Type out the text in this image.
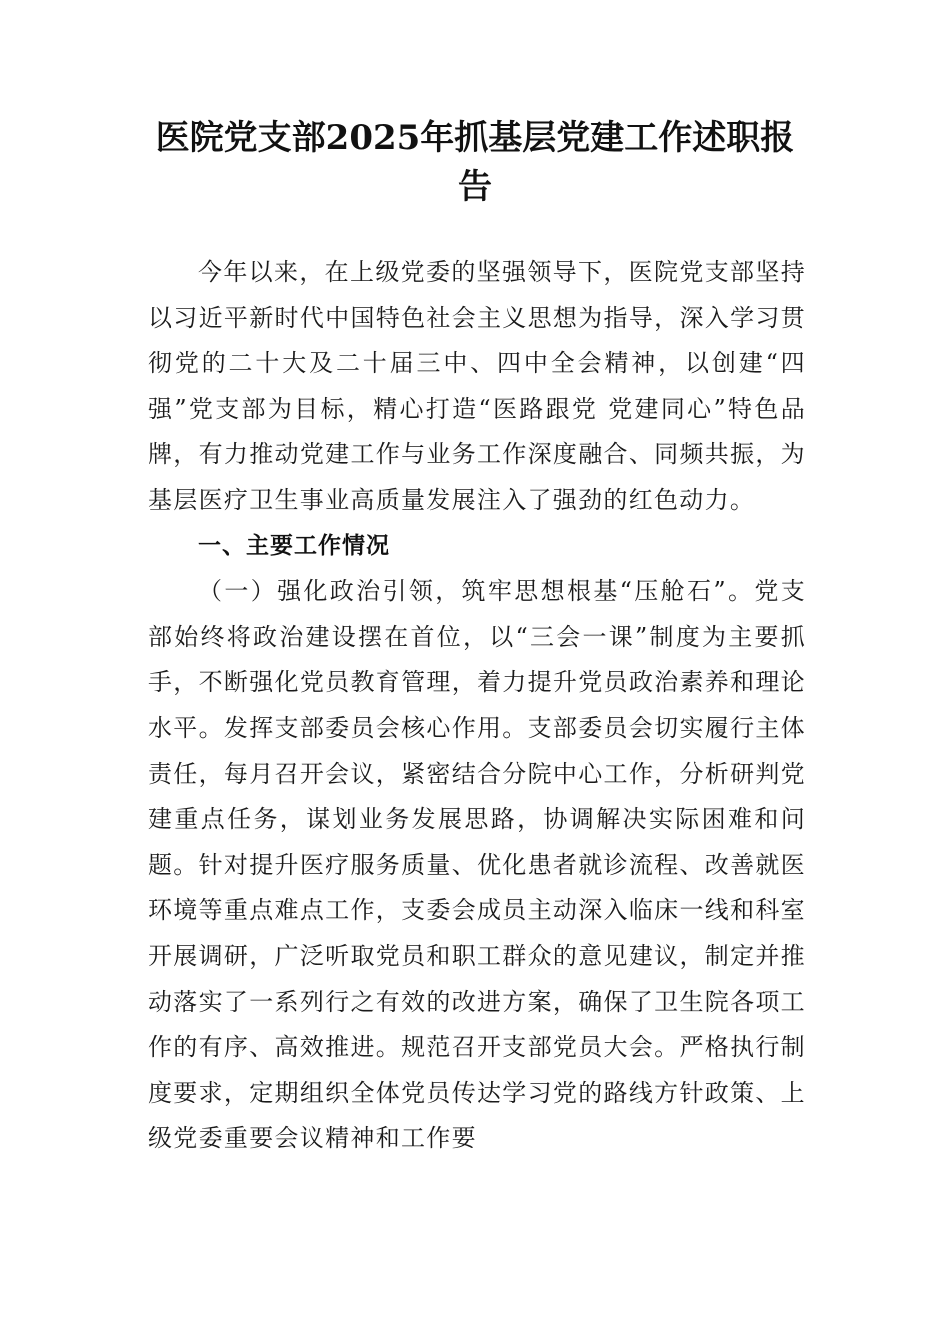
医院党支部2025年抓基层党建工作述职报告

今年以来，在上级党委的坚强领导下，医院党支部坚持以习近平新时代中国特色社会主义思想为指导，深入学习贯彻党的二十大及二十届三中、四中全会精神，以创建“四强”党支部为目标，精心打造“医路跟党 党建同心”特色品牌，有力推动党建工作与业务工作深度融合、同频共振，为基层医疗卫生事业高质量发展注入了强劲的红色动力。

一、主要工作情况

（一）强化政治引领，筑牢思想根基“压舱石”。党支部始终将政治建设摆在首位，以“三会一课”制度为主要抓手，不断强化党员教育管理，着力提升党员政治素养和理论水平。发挥支部委员会核心作用。支部委员会切实履行主体责任，每月召开会议，紧密结合分院中心工作，分析研判党建重点任务，谋划业务发展思路，协调解决实际困难和问题。针对提升医疗服务质量、优化患者就诊流程、改善就医环境等重点难点工作，支委会成员主动深入临床一线和科室开展调研，广泛听取党员和职工群众的意见建议，制定并推动落实了一系列行之有效的改进方案，确保了卫生院各项工作的有序、高效推进。规范召开支部党员大会。严格执行制度要求，定期组织全体党员传达学习党的路线方针政策、上级党委重要会议精神和工作要
